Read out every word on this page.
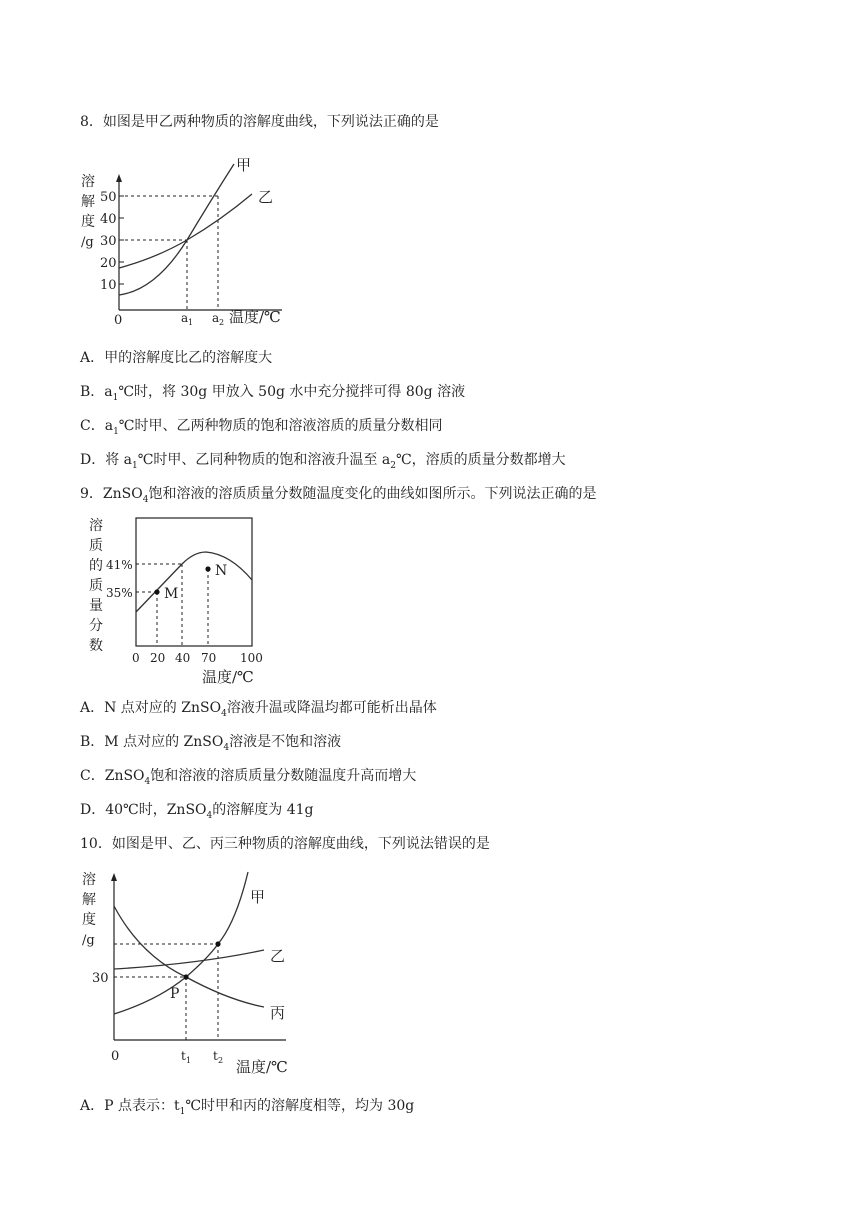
8．如图是甲乙两种物质的溶解度曲线，下列说法正确的是
溶
解
度
/g
50
40
30
20
10
0	a 1 a 2 温度/℃
甲
乙
A．甲的溶解度比乙的溶解度大
B．$a_1℃$时，将 30g 甲放入 50g 水中充分搅拌可得 80g 溶液
C．$a_1℃$时甲、乙两种物质的饱和溶液溶质的质量分数相同
D．将 $a_1℃$时甲、乙同种物质的饱和溶液升温至 $a_2℃$，溶质的质量分数都增大
9．ZnSO$_4$饱和溶液的溶质质量分数随温度变化的曲线如图所示。下列说法正确的是
M
N
溶
质
的
质
量
分
数
41%
35%
0 20 40 70 100
温度/℃
A．N 点对应的 ZnSO$_4$溶液升温或降温均都可能析出晶体
B．M 点对应的 ZnSO$_4$溶液是不饱和溶液
C．ZnSO$_4$饱和溶液的溶质质量分数随温度升高而增大
D．40℃时，ZnSO$_4$的溶解度为 41g
10．如图是甲、乙、丙三种物质的溶解度曲线，下列说法错误的是
P
溶
解
度
/g
30
0	t 1 t 2 温度/℃
甲
乙
丙
A．P 点表示：$t_1℃$时甲和丙的溶解度相等，均为 30g
